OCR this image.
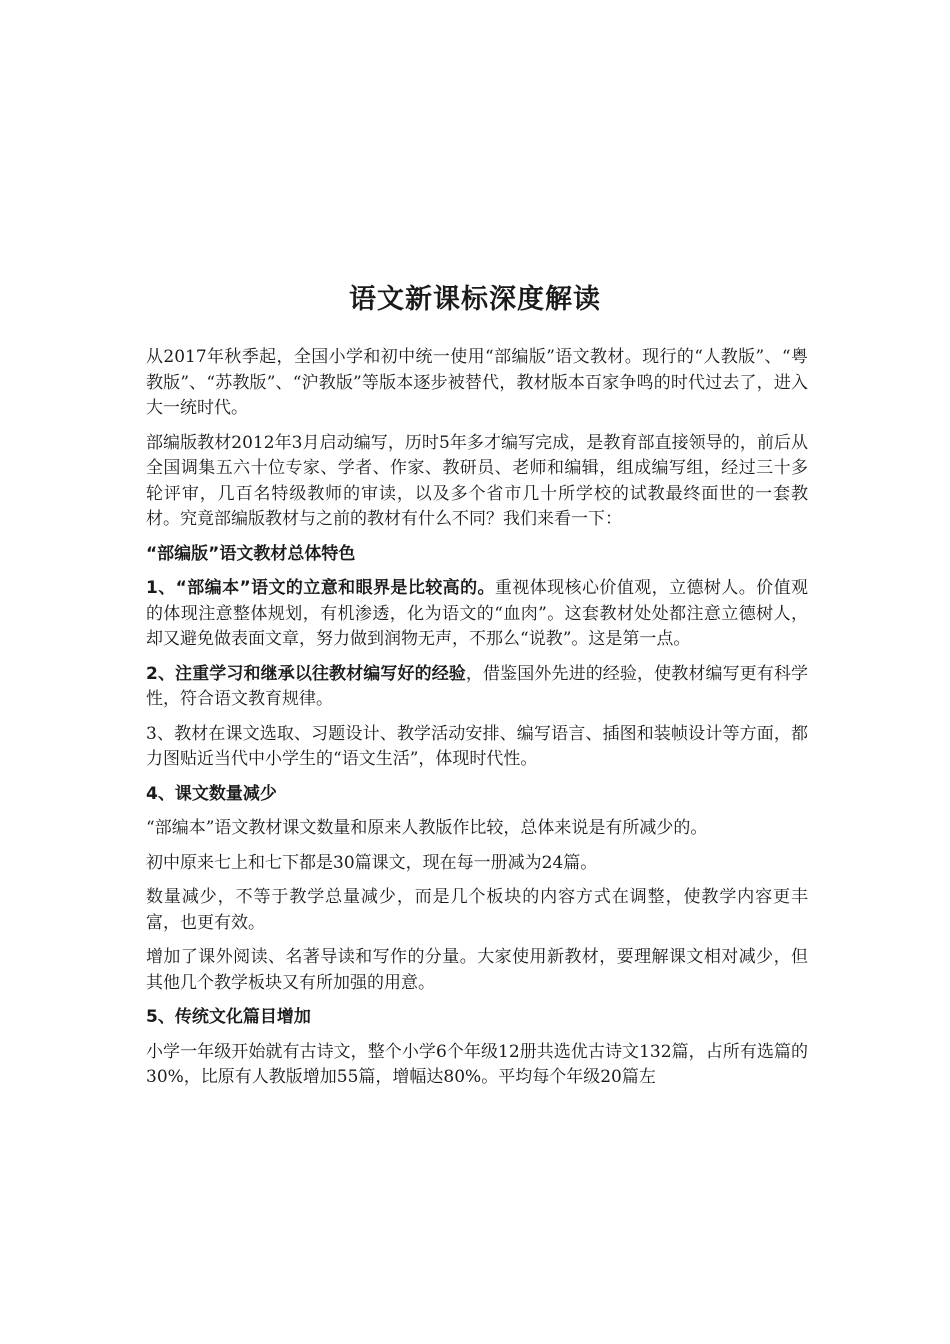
语文新课标深度解读

从2017年秋季起，全国小学和初中统一使用“部编版”语文教材。现行的“人教版”、“粤教版”、“苏教版”、“沪教版”等版本逐步被替代，教材版本百家争鸣的时代过去了，进入大一统时代。

部编版教材2012年3月启动编写，历时5年多才编写完成，是教育部直接领导的，前后从全国调集五六十位专家、学者、作家、教研员、老师和编辑，组成编写组，经过三十多轮评审，几百名特级教师的审读，以及多个省市几十所学校的试教最终面世的一套教材。究竟部编版教材与之前的教材有什么不同？我们来看一下：

“部编版”语文教材总体特色

1、“部编本”语文的立意和眼界是比较高的。重视体现核心价值观，立德树人。价值观的体现注意整体规划，有机渗透，化为语文的“血肉”。这套教材处处都注意立德树人，却又避免做表面文章，努力做到润物无声，不那么“说教”。这是第一点。

2、注重学习和继承以往教材编写好的经验，借鉴国外先进的经验，使教材编写更有科学性，符合语文教育规律。

3、教材在课文选取、习题设计、教学活动安排、编写语言、插图和装帧设计等方面，都力图贴近当代中小学生的“语文生活”，体现时代性。

4、课文数量减少

“部编本”语文教材课文数量和原来人教版作比较，总体来说是有所减少的。

初中原来七上和七下都是30篇课文，现在每一册减为24篇。

数量减少，不等于教学总量减少，而是几个板块的内容方式在调整，使教学内容更丰富，也更有效。

增加了课外阅读、名著导读和写作的分量。大家使用新教材，要理解课文相对减少，但其他几个教学板块又有所加强的用意。

5、传统文化篇目增加

小学一年级开始就有古诗文，整个小学6个年级12册共选优古诗文132篇，占所有选篇的30%，比原有人教版增加55篇，增幅达80%。平均每个年级20篇左
